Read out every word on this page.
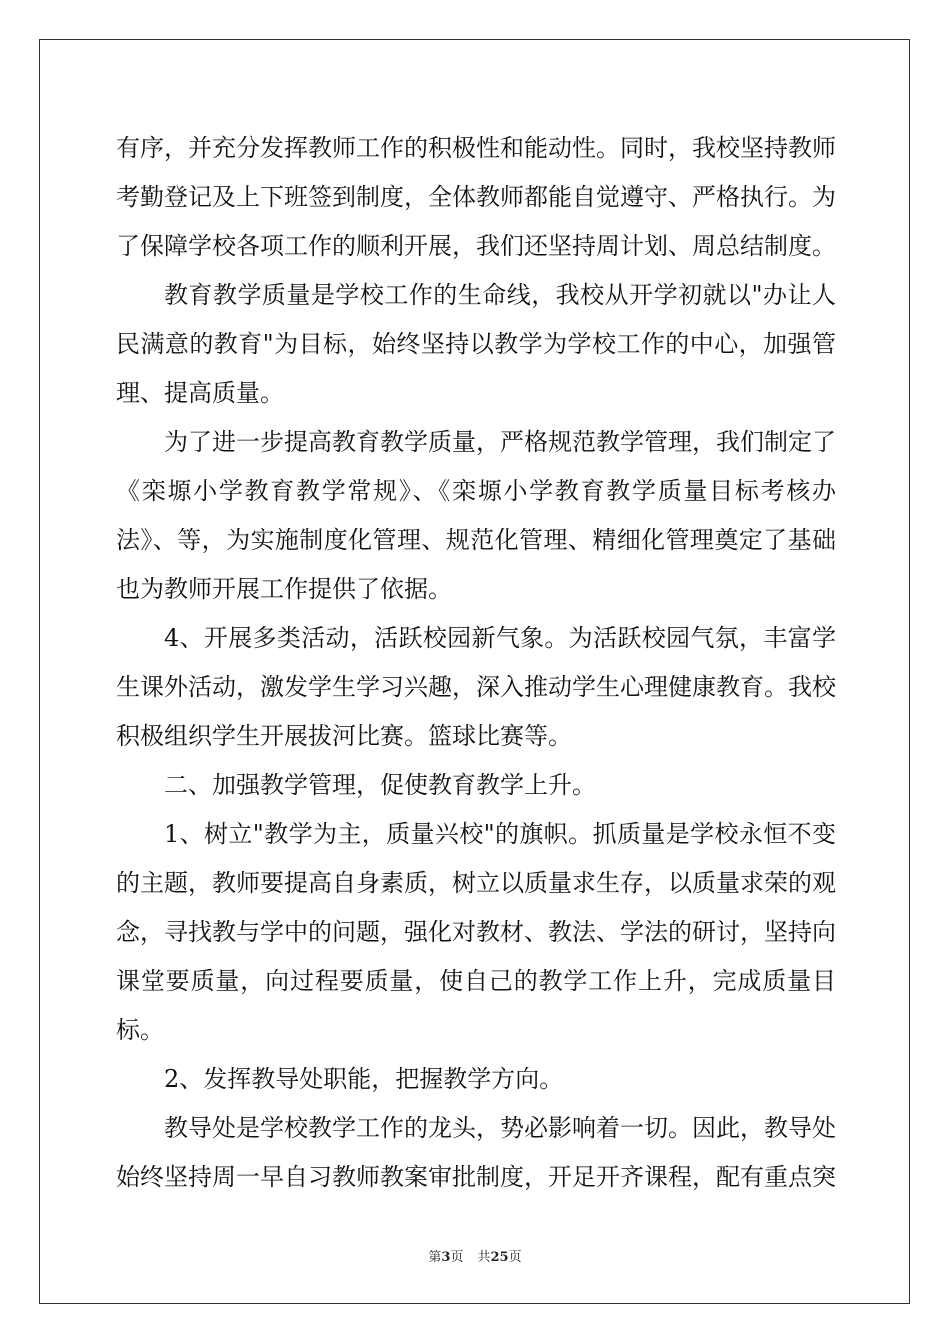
有序，并充分发挥教师工作的积极性和能动性。同时，我校坚持教师考勤登记及上下班签到制度，全体教师都能自觉遵守、严格执行。为了保障学校各项工作的顺利开展，我们还坚持周计划、周总结制度。

教育教学质量是学校工作的生命线，我校从开学初就以"办让人民满意的教育"为目标，始终坚持以教学为学校工作的中心，加强管理、提高质量。

为了进一步提高教育教学质量，严格规范教学管理，我们制定了《栾塬小学教育教学常规》、《栾塬小学教育教学质量目标考核办法》、等，为实施制度化管理、规范化管理、精细化管理奠定了基础也为教师开展工作提供了依据。

4、开展多类活动，活跃校园新气象。为活跃校园气氛，丰富学生课外活动，激发学生学习兴趣，深入推动学生心理健康教育。我校积极组织学生开展拔河比赛。篮球比赛等。

二、加强教学管理，促使教育教学上升。

1、树立"教学为主，质量兴校"的旗帜。抓质量是学校永恒不变的主题，教师要提高自身素质，树立以质量求生存，以质量求荣的观念，寻找教与学中的问题，强化对教材、教法、学法的研讨，坚持向课堂要质量，向过程要质量，使自己的教学工作上升，完成质量目标。

2、发挥教导处职能，把握教学方向。

教导处是学校教学工作的龙头，势必影响着一切。因此，教导处始终坚持周一早自习教师教案审批制度，开足开齐课程，配有重点突

第3页 共25页
